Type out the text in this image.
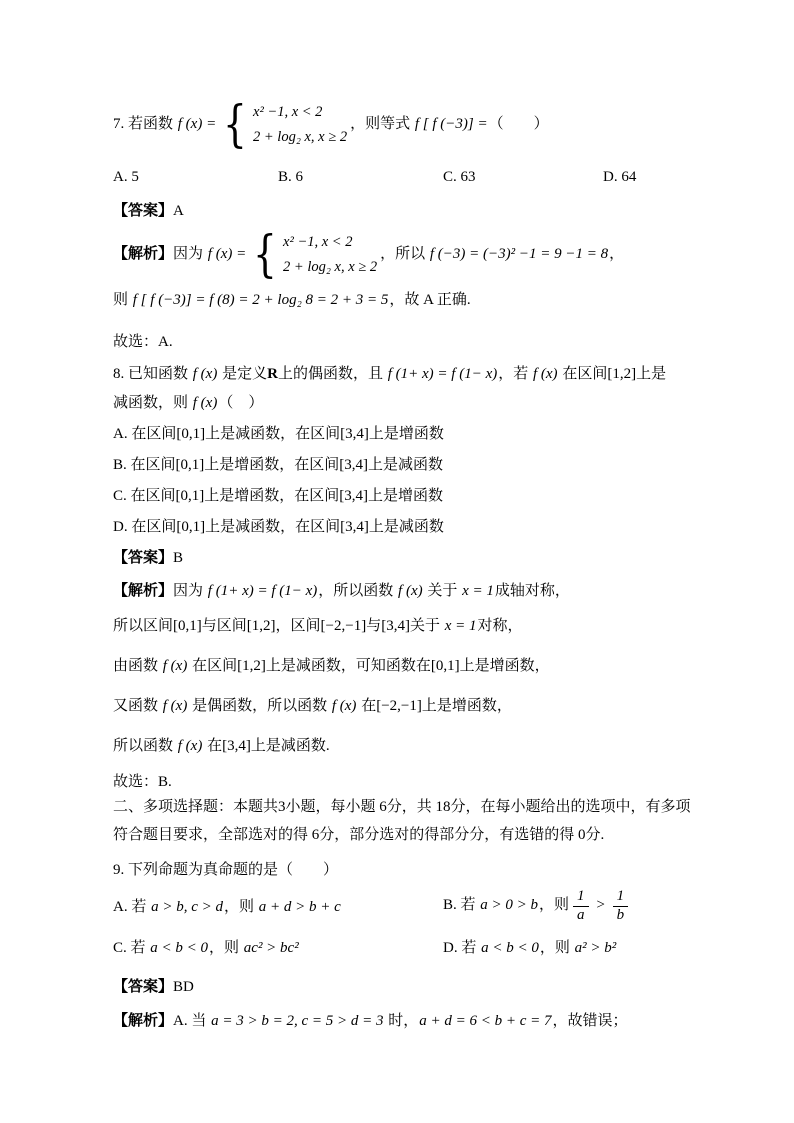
7. 若函数 f (x) = { x² −1, x < 2
2 + log₂ x, x ≥ 2
，则等式 f [ f (−3)] =（　　）
A. 5	B. 6	C. 63	D. 64
【答案】A
【解析】因为 f (x) = { x² −1, x < 2
2 + log₂ x, x ≥ 2
，所以 f (−3) = (−3)² −1 = 9 −1 = 8，
则 f [ f (−3)] = f (8) = 2 + log₂ 8 = 2 + 3 = 5，故 A 正确.
故选：A.
8. 已知函数 f (x) 是定义R上的偶函数，且 f (1+ x) = f (1− x)，若 f (x) 在区间[1,2]上是
减函数，则 f (x)（　）
A. 在区间[0,1]上是减函数，在区间[3,4]上是增函数
B. 在区间[0,1]上是增函数，在区间[3,4]上是减函数
C. 在区间[0,1]上是增函数，在区间[3,4]上是增函数
D. 在区间[0,1]上是减函数，在区间[3,4]上是减函数
【答案】B
【解析】因为 f (1+ x) = f (1− x)，所以函数 f (x) 关于 x = 1成轴对称，
所以区间[0,1]与区间[1,2]，区间[−2,−1]与[3,4]关于 x = 1对称，
由函数 f (x) 在区间[1,2]上是减函数，可知函数在[0,1]上是增函数，
又函数 f (x) 是偶函数，所以函数 f (x) 在[−2,−1]上是增函数，
所以函数 f (x) 在[3,4]上是减函数.
故选：B.
二、多项选择题：本题共3小题，每小题 6分，共 18分，在每小题给出的选项中，有多项
符合题目要求，全部选对的得 6分，部分选对的得部分分，有选错的得 0分.
9. 下列命题为真命题的是（　　）
A. 若 a > b, c > d，则 a + d > b + c	B. 若 a > 0 > b，则 $\frac{1}{a} > \frac{1}{b}$
C. 若 a < b < 0，则 ac² > bc²	D. 若 a < b < 0，则 a² > b²
【答案】BD
【解析】A. 当 a = 3 > b = 2, c = 5 > d = 3 时，a + d = 6 < b + c = 7，故错误；
